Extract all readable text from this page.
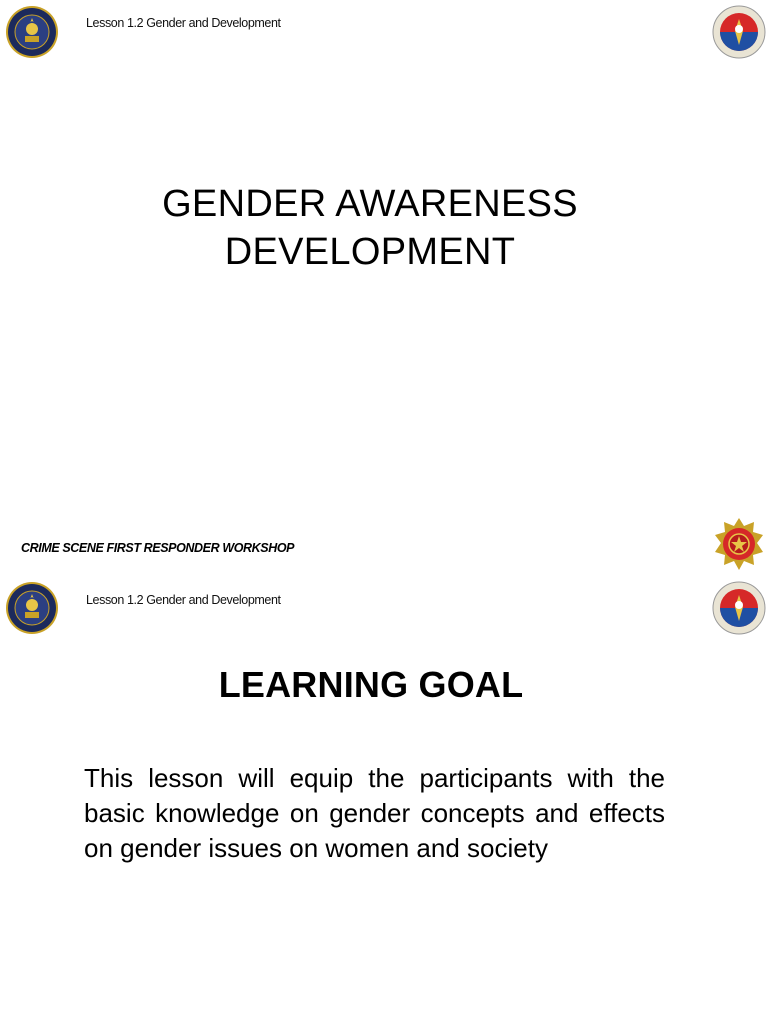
Lesson 1.2 Gender and Development
GENDER AWARENESS
DEVELOPMENT
CRIME SCENE FIRST RESPONDER WORKSHOP
Lesson 1.2 Gender and Development
LEARNING GOAL
This lesson will equip the participants with the basic knowledge on gender concepts and effects on gender issues on women and society
